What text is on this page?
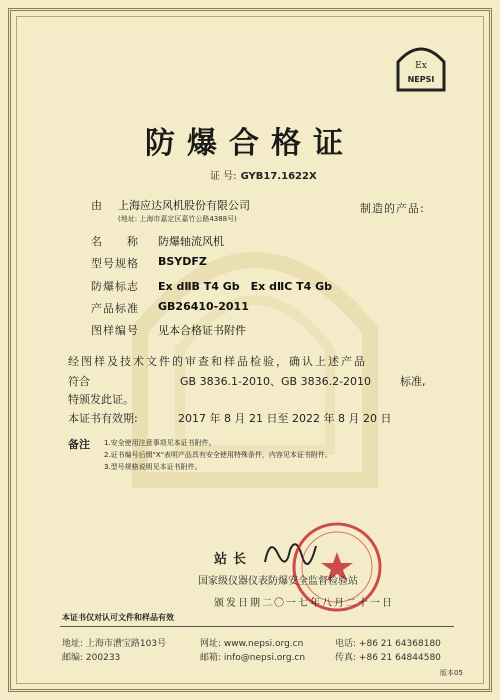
Ex
NEPSI
防爆合格证
证 号: GYB17.1622X
由 上海应达风机股份有限公司
(地址: 上海市嘉定区嘉竹公路4388号)
制造的产品:
名　　称 防爆轴流风机
型号规格 BSYDFZ
防爆标志 Ex dⅡB T4 Gb　Ex dⅡC T4 Gb
产品标准 GB26410-2011
图样编号 见本合格证书附件
经图样及技术文件的审查和样品检验，确认上述产品
符合	GB 3836.1-2010、GB 3836.2-2010	标准,
特颁发此证。
本证书有效期:	2017 年 8 月 21 日至 2022 年 8 月 20 日
备注 1.安全使用注意事项见本证书附件。
2.证书编号后缀"X"表明产品具有安全使用特殊条件，内容见本证书附件。
3.型号规格说明见本证书附件。
站长
国家级仪器仪表防爆安全监督检验站
颁发日期二〇一七年八月二十一日
本证书仅对认可文件和样品有效
地址: 上海市漕宝路103号
邮编: 200233
网址: www.nepsi.org.cn
邮箱: info@nepsi.org.cn
电话: +86 21 64368180
传真: +86 21 64844580
版本05
